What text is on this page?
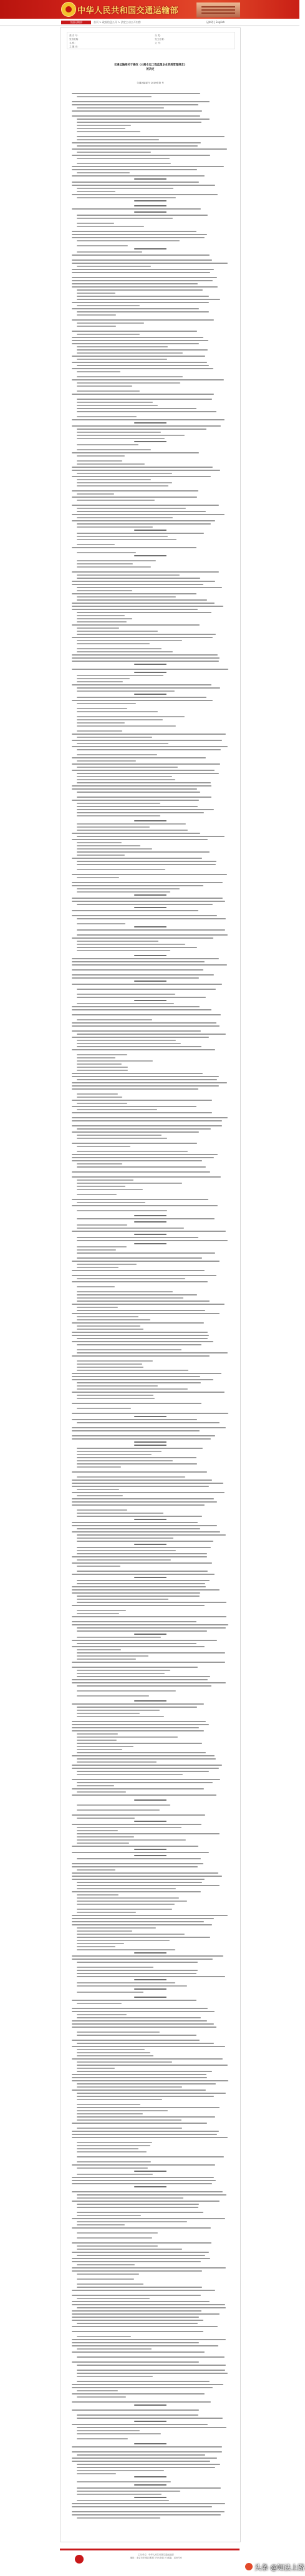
中华人民共和国交通运输部
交通运输部	首页 > 政府信息公开 > 法定主动公开内容	无障碍 | English
索 引 号：	分 类：
发布机构：	发文日期：
名 称：	文 号：
主 题 词：
交通运输部关于修改《公路水运工程监理企业资质管理规定》
的决定
交通运输部令 2019年第 号
主办单位：中华人民共和国交通运输部
地址：北京市东城区建国门内大街11号 邮编：100736
头条 @知法上路
